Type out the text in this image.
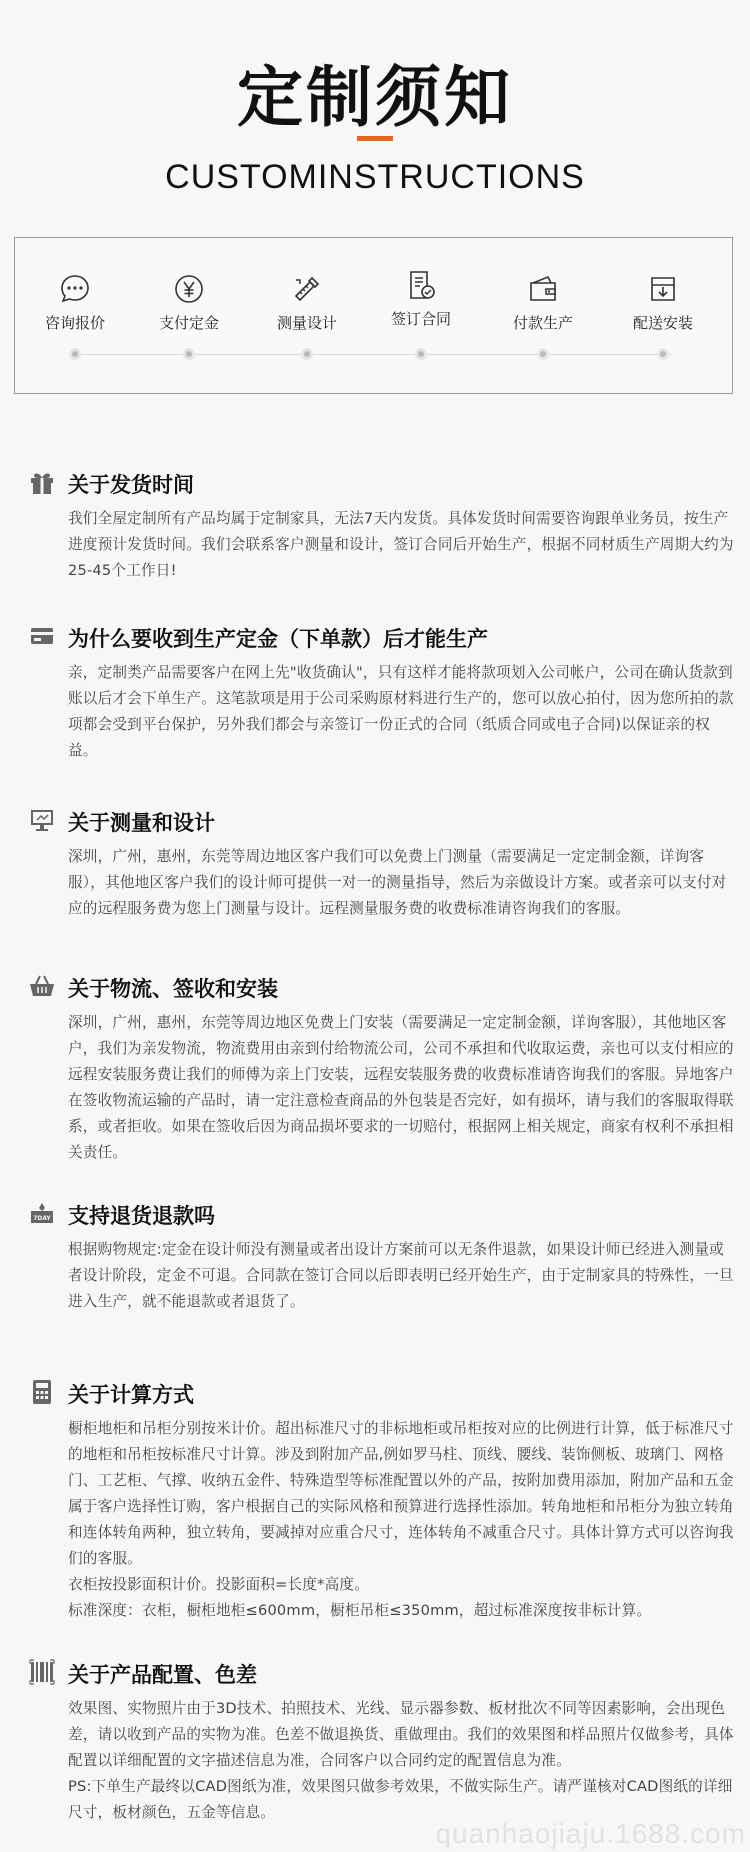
定制须知
CUSTOMINSTRUCTIONS
咨询报价	支付定金	测量设计	签订合同	付款生产	配送安装
关于发货时间

我们全屋定制所有产品均属于定制家具，无法7天内发货。具体发货时间需要咨询跟单业务员，按生产进度预计发货时间。我们会联系客户测量和设计，签订合同后开始生产，根据不同材质生产周期大约为25-45个工作日!

为什么要收到生产定金（下单款）后才能生产

亲，定制类产品需要客户在网上先"收货确认"，只有这样才能将款项划入公司帐户，公司在确认货款到账以后才会下单生产。这笔款项是用于公司采购原材料进行生产的，您可以放心拍付，因为您所拍的款项都会受到平台保护，另外我们都会与亲签订一份正式的合同（纸质合同或电子合同)以保证亲的权益。

关于测量和设计

深圳，广州，惠州，东莞等周边地区客户我们可以免费上门测量（需要满足一定定制金额，详询客服），其他地区客户我们的设计师可提供一对一的测量指导，然后为亲做设计方案。或者亲可以支付对应的远程服务费为您上门测量与设计。远程测量服务费的收费标准请咨询我们的客服。

关于物流、签收和安装

深圳，广州，惠州，东莞等周边地区免费上门安装（需要满足一定定制金额，详询客服），其他地区客户，我们为亲发物流，物流费用由亲到付给物流公司，公司不承担和代收取运费，亲也可以支付相应的远程安装服务费让我们的师傅为亲上门安装，远程安装服务费的收费标准请咨询我们的客服。异地客户在签收物流运输的产品时，请一定注意检查商品的外包装是否完好，如有损坏，请与我们的客服取得联系，或者拒收。如果在签收后因为商品损坏要求的一切赔付，根据网上相关规定，商家有权利不承担相关责任。

7DAY 支持退货退款吗

根据购物规定:定金在设计师没有测量或者出设计方案前可以无条件退款，如果设计师已经进入测量或者设计阶段，定金不可退。合同款在签订合同以后即表明已经开始生产，由于定制家具的特殊性，一旦进入生产，就不能退款或者退货了。

关于计算方式

橱柜地柜和吊柜分别按米计价。超出标准尺寸的非标地柜或吊柜按对应的比例进行计算，低于标准尺寸的地柜和吊柜按标准尺寸计算。涉及到附加产品,例如罗马柱、顶线、腰线、装饰侧板、玻璃门、网格门、工艺柜、气撑、收纳五金件、特殊造型等标准配置以外的产品，按附加费用添加，附加产品和五金属于客户选择性订购，客户根据自己的实际风格和预算进行选择性添加。转角地柜和吊柜分为独立转角和连体转角两种，独立转角，要减掉对应重合尺寸，连体转角不减重合尺寸。具体计算方式可以咨询我们的客服。

衣柜按投影面积计价。投影面积=长度*高度。

标准深度：衣柜，橱柜地柜≤600mm，橱柜吊柜≤350mm，超过标准深度按非标计算。

关于产品配置、色差

效果图、实物照片由于3D技术、拍照技术、光线、显示器参数、板材批次不同等因素影响，会出现色差，请以收到产品的实物为准。色差不做退换货、重做理由。我们的效果图和样品照片仅做参考，具体配置以详细配置的文字描述信息为准，合同客户以合同约定的配置信息为准。

PS:下单生产最终以CAD图纸为准，效果图只做参考效果，不做实际生产。请严谨核对CAD图纸的详细尺寸，板材颜色，五金等信息。

quanhaojiaju.1688.com
